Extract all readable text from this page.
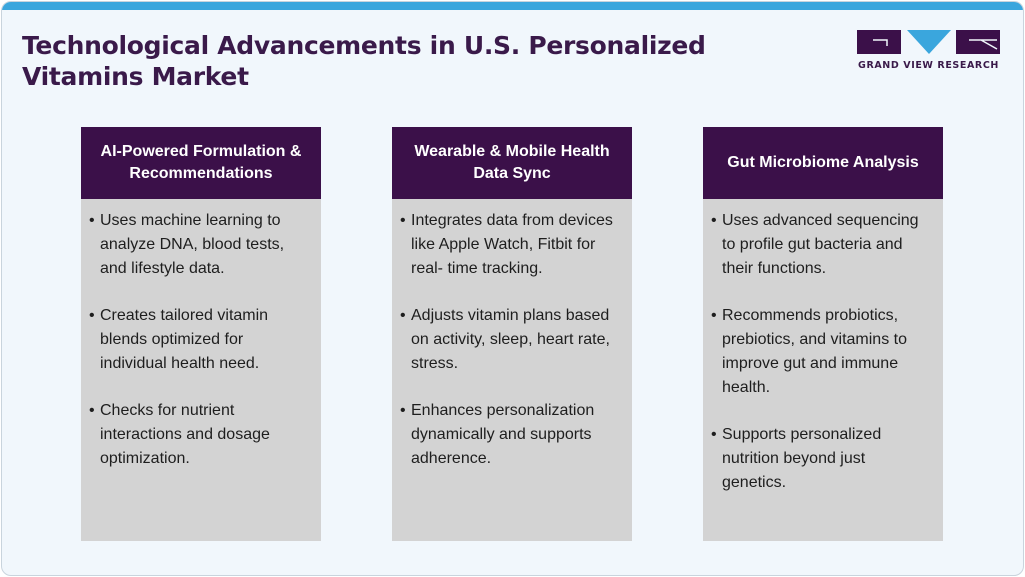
Technological Advancements in U.S. Personalized
Vitamins Market	GRAND VIEW RESEARCH
AI-Powered Formulation & Recommendations
• Uses machine learning to analyze DNA, blood tests, and lifestyle data.
• Creates tailored vitamin blends optimized for individual health need.
• Checks for nutrient interactions and dosage optimization.
Wearable & Mobile Health Data Sync
• Integrates data from devices like Apple Watch, Fitbit for real- time tracking.
• Adjusts vitamin plans based on activity, sleep, heart rate, stress.
• Enhances personalization dynamically and supports adherence.
Gut Microbiome Analysis
• Uses advanced sequencing to profile gut bacteria and their functions.
• Recommends probiotics, prebiotics, and vitamins to improve gut and immune health.
• Supports personalized nutrition beyond just genetics.
